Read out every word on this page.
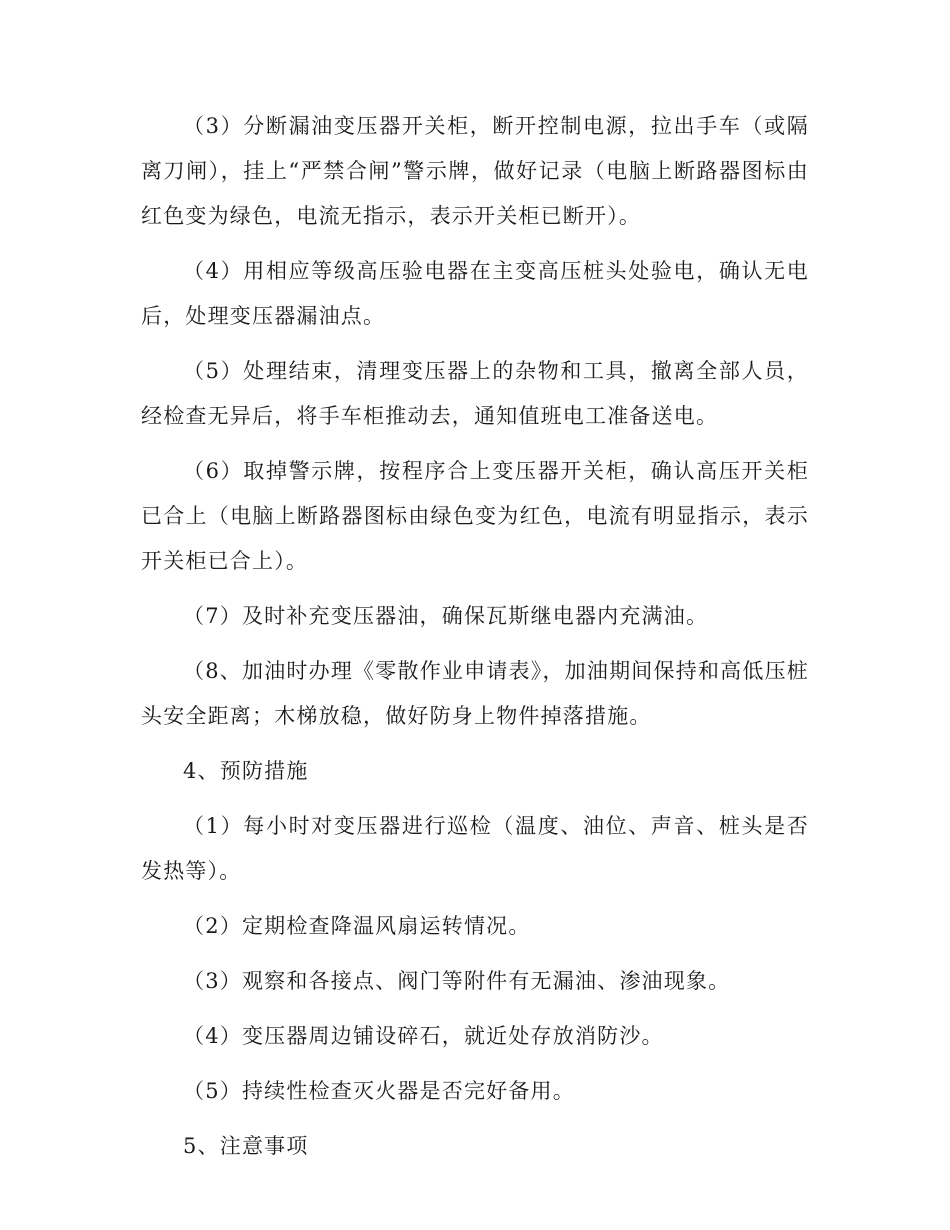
（3）分断漏油变压器开关柜，断开控制电源，拉出手车（或隔离刀闸），挂上“严禁合闸”警示牌，做好记录（电脑上断路器图标由红色变为绿色，电流无指示，表示开关柜已断开）。

（4）用相应等级高压验电器在主变高压桩头处验电，确认无电后，处理变压器漏油点。

（5）处理结束，清理变压器上的杂物和工具，撤离全部人员，经检查无异后，将手车柜推动去，通知值班电工准备送电。

（6）取掉警示牌，按程序合上变压器开关柜，确认高压开关柜已合上（电脑上断路器图标由绿色变为红色，电流有明显指示，表示开关柜已合上）。

（7）及时补充变压器油，确保瓦斯继电器内充满油。

（8、加油时办理《零散作业申请表》，加油期间保持和高低压桩头安全距离；木梯放稳，做好防身上物件掉落措施。

4、预防措施

（1）每小时对变压器进行巡检（温度、油位、声音、桩头是否发热等）。

（2）定期检查降温风扇运转情况。

（3）观察和各接点、阀门等附件有无漏油、渗油现象。

（4）变压器周边铺设碎石，就近处存放消防沙。

（5）持续性检查灭火器是否完好备用。

5、注意事项
